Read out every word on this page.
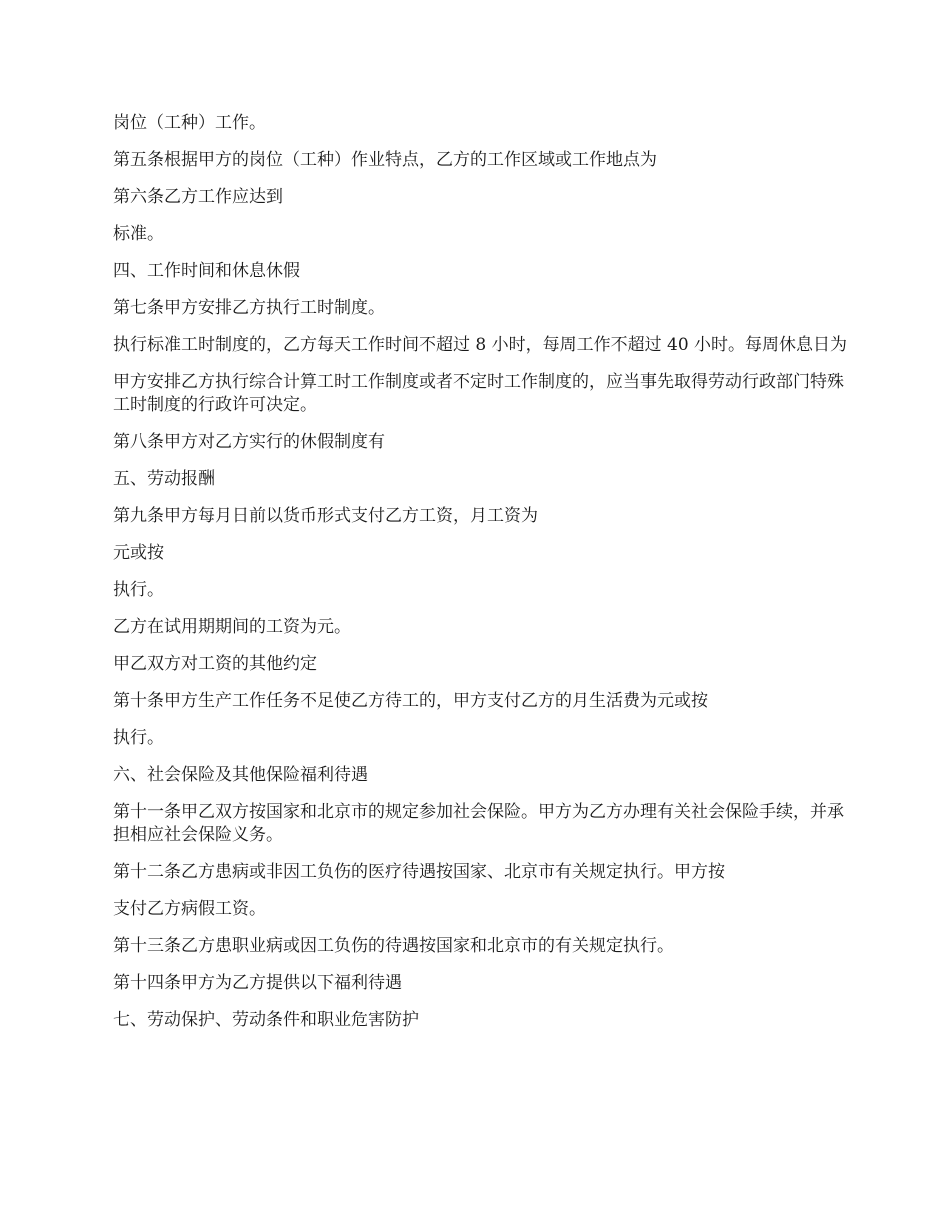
岗位（工种）工作。

第五条根据甲方的岗位（工种）作业特点，乙方的工作区域或工作地点为

第六条乙方工作应达到

标准。

四、工作时间和休息休假

第七条甲方安排乙方执行工时制度。

执行标准工时制度的，乙方每天工作时间不超过 8 小时，每周工作不超过 40 小时。每周休息日为

甲方安排乙方执行综合计算工时工作制度或者不定时工作制度的，应当事先取得劳动行政部门特殊工时制度的行政许可决定。

第八条甲方对乙方实行的休假制度有

五、劳动报酬

第九条甲方每月日前以货币形式支付乙方工资，月工资为

元或按

执行。

乙方在试用期期间的工资为元。

甲乙双方对工资的其他约定

第十条甲方生产工作任务不足使乙方待工的，甲方支付乙方的月生活费为元或按

执行。

六、社会保险及其他保险福利待遇

第十一条甲乙双方按国家和北京市的规定参加社会保险。甲方为乙方办理有关社会保险手续，并承担相应社会保险义务。

第十二条乙方患病或非因工负伤的医疗待遇按国家、北京市有关规定执行。甲方按

支付乙方病假工资。

第十三条乙方患职业病或因工负伤的待遇按国家和北京市的有关规定执行。

第十四条甲方为乙方提供以下福利待遇

七、劳动保护、劳动条件和职业危害防护
